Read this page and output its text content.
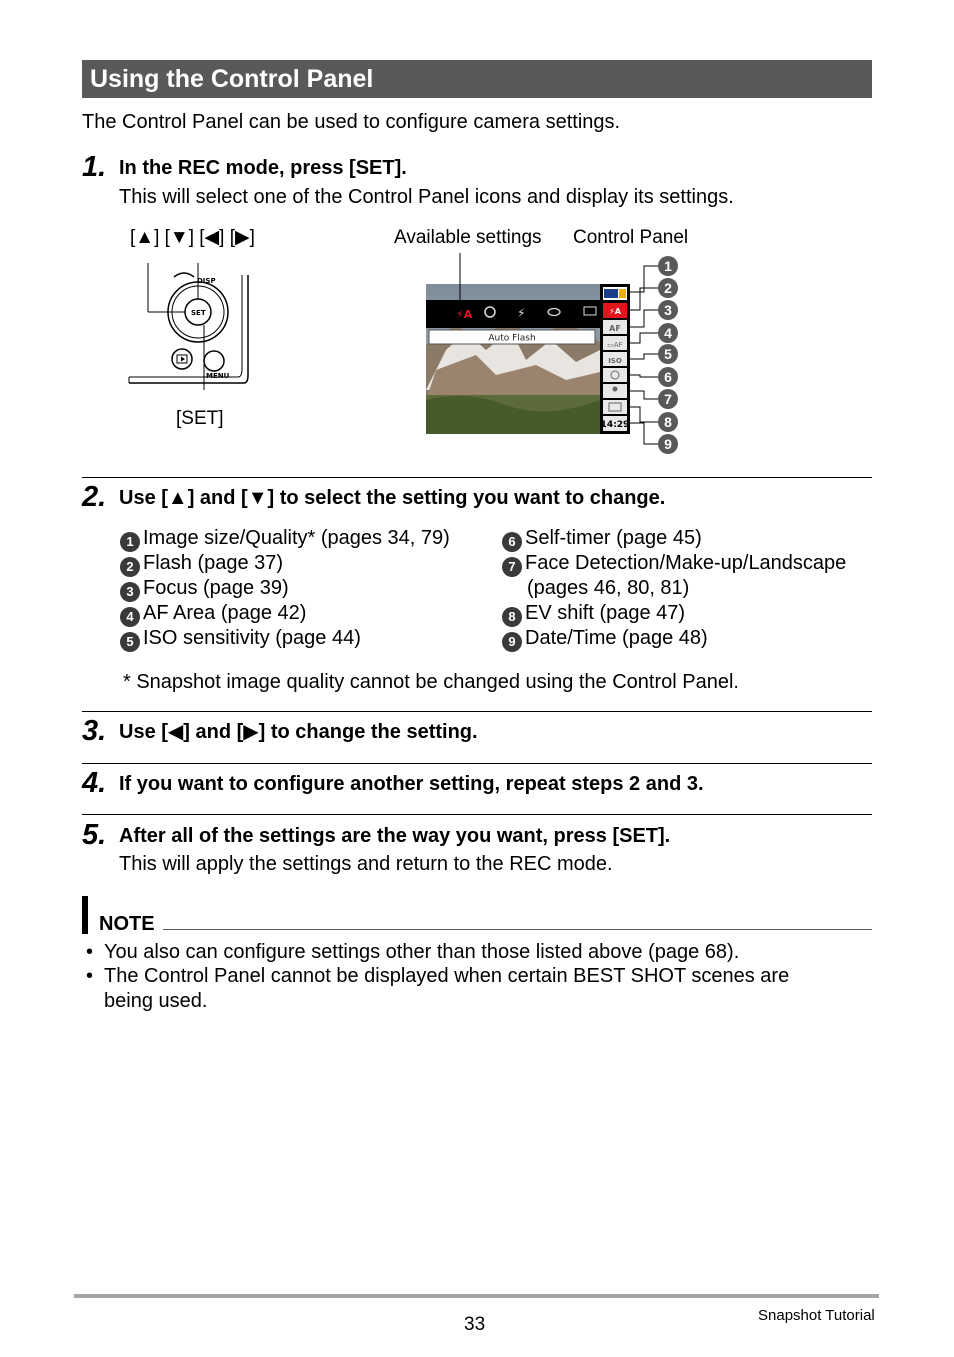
Using the Control Panel
The Control Panel can be used to configure camera settings.
1. In the REC mode, press [SET].
This will select one of the Control Panel icons and display its settings.
[▲] [▼] [◀] [▶]
[SET]
Available settings Control Panel
DISP
SET
MENU
⚡A	⚡
Auto Flash
⚡A
AF
▭AF
ISO
14:29
1
2
3
4
5
6
7
8
9
2. Use [▲] and [▼] to select the setting you want to change.
1 Image size/Quality* (pages 34, 79)
2 Flash (page 37)
3 Focus (page 39)
4 AF Area (page 42)
5 ISO sensitivity (page 44)
6 Self-timer (page 45)
7 Face Detection/Make-up/Landscape
(pages 46, 80, 81)
8 EV shift (page 47)
9 Date/Time (page 48)
* Snapshot image quality cannot be changed using the Control Panel.
3. Use [◀] and [▶] to change the setting.
4. If you want to configure another setting, repeat steps 2 and 3.
5. After all of the settings are the way you want, press [SET].
This will apply the settings and return to the REC mode.
NOTE
• You also can configure settings other than those listed above (page 68).
• The Control Panel cannot be displayed when certain BEST SHOT scenes are
being used.
33	Snapshot Tutorial
